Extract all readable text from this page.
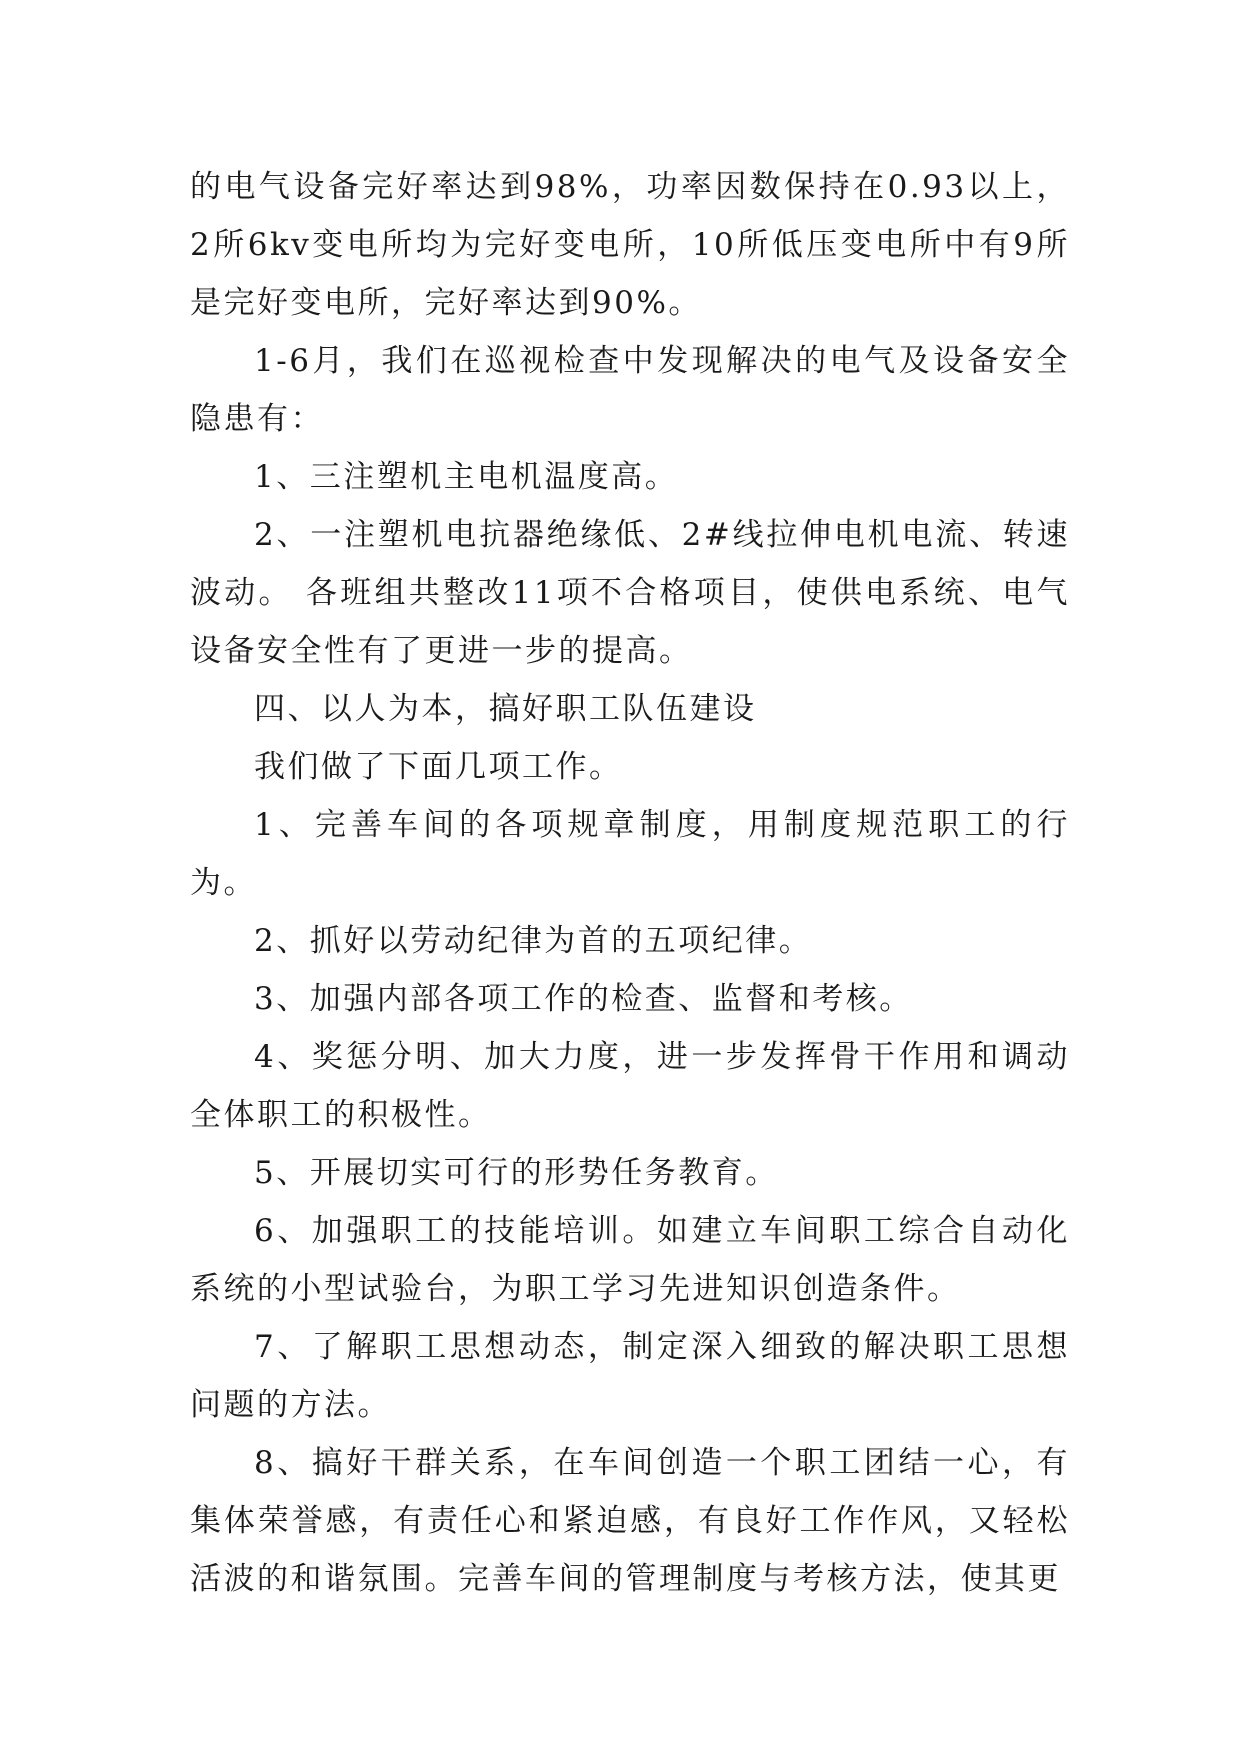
的电气设备完好率达到98%，功率因数保持在0.93以上，2所6kv变电所均为完好变电所，10所低压变电所中有9所是完好变电所，完好率达到90%。

1-6月，我们在巡视检查中发现解决的电气及设备安全隐患有：

1、三注塑机主电机温度高。

2、一注塑机电抗器绝缘低、2#线拉伸电机电流、转速波动。 各班组共整改11项不合格项目，使供电系统、电气设备安全性有了更进一步的提高。

四、以人为本，搞好职工队伍建设

我们做了下面几项工作。

1、完善车间的各项规章制度，用制度规范职工的行为。

2、抓好以劳动纪律为首的五项纪律。

3、加强内部各项工作的检查、监督和考核。

4、奖惩分明、加大力度，进一步发挥骨干作用和调动全体职工的积极性。

5、开展切实可行的形势任务教育。

6、加强职工的技能培训。如建立车间职工综合自动化系统的小型试验台，为职工学习先进知识创造条件。

7、了解职工思想动态，制定深入细致的解决职工思想问题的方法。

8、搞好干群关系，在车间创造一个职工团结一心，有集体荣誉感，有责任心和紧迫感，有良好工作作风，又轻松活波的和谐氛围。完善车间的管理制度与考核方法，使其更
